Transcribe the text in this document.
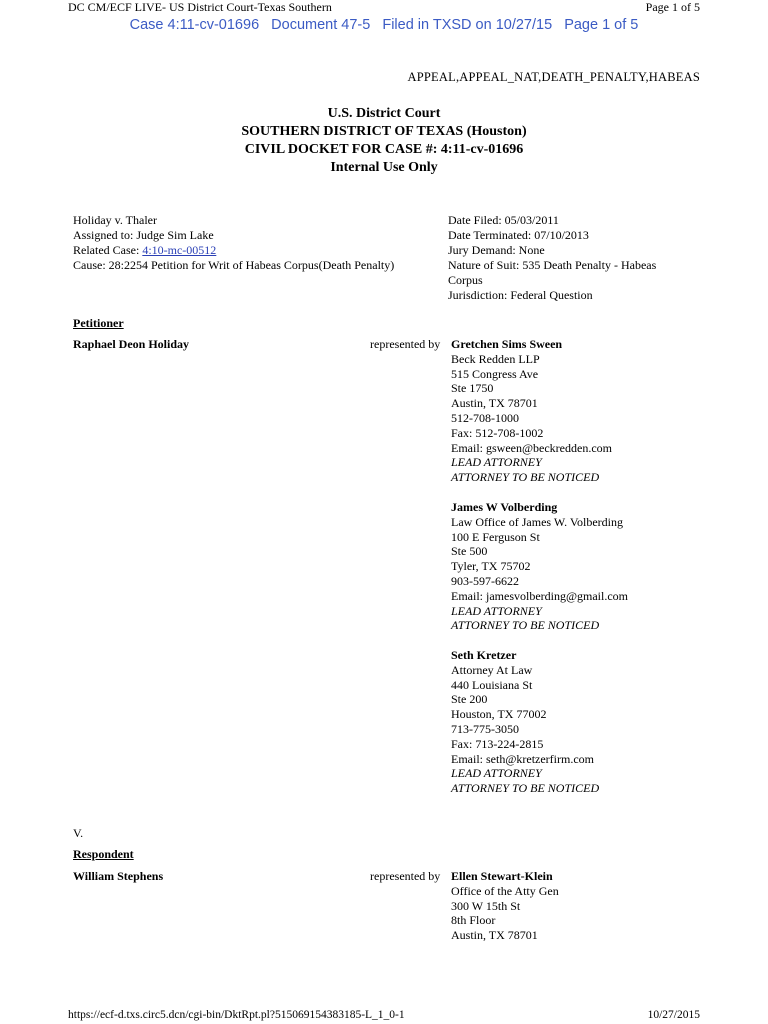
DC CM/ECF LIVE- US District Court-Texas Southern	Page 1 of 5
Case 4:11-cv-01696 Document 47-5 Filed in TXSD on 10/27/15 Page 1 of 5
APPEAL,APPEAL_NAT,DEATH_PENALTY,HABEAS
U.S. District Court
SOUTHERN DISTRICT OF TEXAS (Houston)
CIVIL DOCKET FOR CASE #: 4:11-cv-01696
Internal Use Only
Holiday v. Thaler
Assigned to: Judge Sim Lake
Related Case: 4:10-mc-00512
Cause: 28:2254 Petition for Writ of Habeas Corpus(Death Penalty)
Date Filed: 05/03/2011
Date Terminated: 07/10/2013
Jury Demand: None
Nature of Suit: 535 Death Penalty - Habeas
Corpus
Jurisdiction: Federal Question
Petitioner
Raphael Deon Holiday	represented by Gretchen Sims Sween
Beck Redden LLP
515 Congress Ave
Ste 1750
Austin, TX 78701
512-708-1000
Fax: 512-708-1002
Email: gsween@beckredden.com
LEAD ATTORNEY
ATTORNEY TO BE NOTICED
James W Volberding
Law Office of James W. Volberding
100 E Ferguson St
Ste 500
Tyler, TX 75702
903-597-6622
Email: jamesvolberding@gmail.com
LEAD ATTORNEY
ATTORNEY TO BE NOTICED
Seth Kretzer
Attorney At Law
440 Louisiana St
Ste 200
Houston, TX 77002
713-775-3050
Fax: 713-224-2815
Email: seth@kretzerfirm.com
LEAD ATTORNEY
ATTORNEY TO BE NOTICED
V.
Respondent
William Stephens	represented by Ellen Stewart-Klein
Office of the Atty Gen
300 W 15th St
8th Floor
Austin, TX 78701
https://ecf-d.txs.circ5.dcn/cgi-bin/DktRpt.pl?515069154383185-L_1_0-1	10/27/2015
